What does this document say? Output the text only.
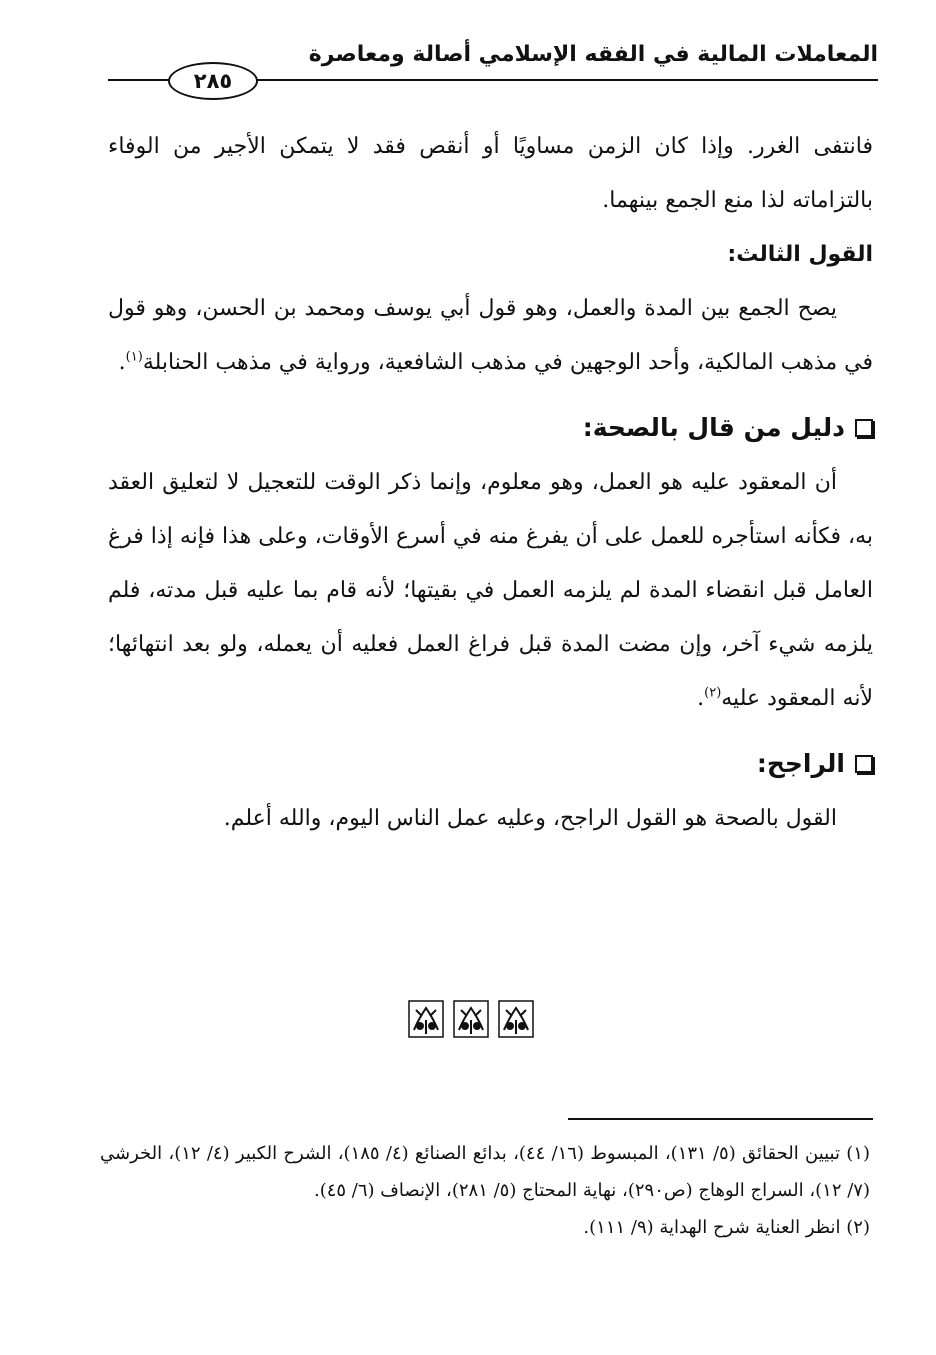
المعاملات المالية في الفقه الإسلامي أصالة ومعاصرة
٢٨٥

فانتفى الغرر. وإذا كان الزمن مساويًا أو أنقص فقد لا يتمكن الأجير من الوفاء بالتزاماته لذا منع الجمع بينهما.

القول الثالث:

يصح الجمع بين المدة والعمل، وهو قول أبي يوسف ومحمد بن الحسن، وهو قول في مذهب المالكية، وأحد الوجهين في مذهب الشافعية، ورواية في مذهب الحنابلة$^{(١)}$.

دليل من قال بالصحة:

أن المعقود عليه هو العمل، وهو معلوم، وإنما ذكر الوقت للتعجيل لا لتعليق العقد به، فكأنه استأجره للعمل على أن يفرغ منه في أسرع الأوقات، وعلى هذا فإنه إذا فرغ العامل قبل انقضاء المدة لم يلزمه العمل في بقيتها؛ لأنه قام بما عليه قبل مدته، فلم يلزمه شيء آخر، وإن مضت المدة قبل فراغ العمل فعليه أن يعمله، ولو بعد انتهائها؛ لأنه المعقود عليه$^{(٢)}$.

الراجح:

القول بالصحة هو القول الراجح، وعليه عمل الناس اليوم، والله أعلم.

(١) تبيين الحقائق (٥/ ١٣١)، المبسوط (١٦/ ٤٤)، بدائع الصنائع (٤/ ١٨٥)، الشرح الكبير (٤/ ١٢)، الخرشي (٧/ ١٢)، السراج الوهاج (ص٢٩٠)، نهاية المحتاج (٥/ ٢٨١)، الإنصاف (٦/ ٤٥).

(٢) انظر العناية شرح الهداية (٩/ ١١١).
